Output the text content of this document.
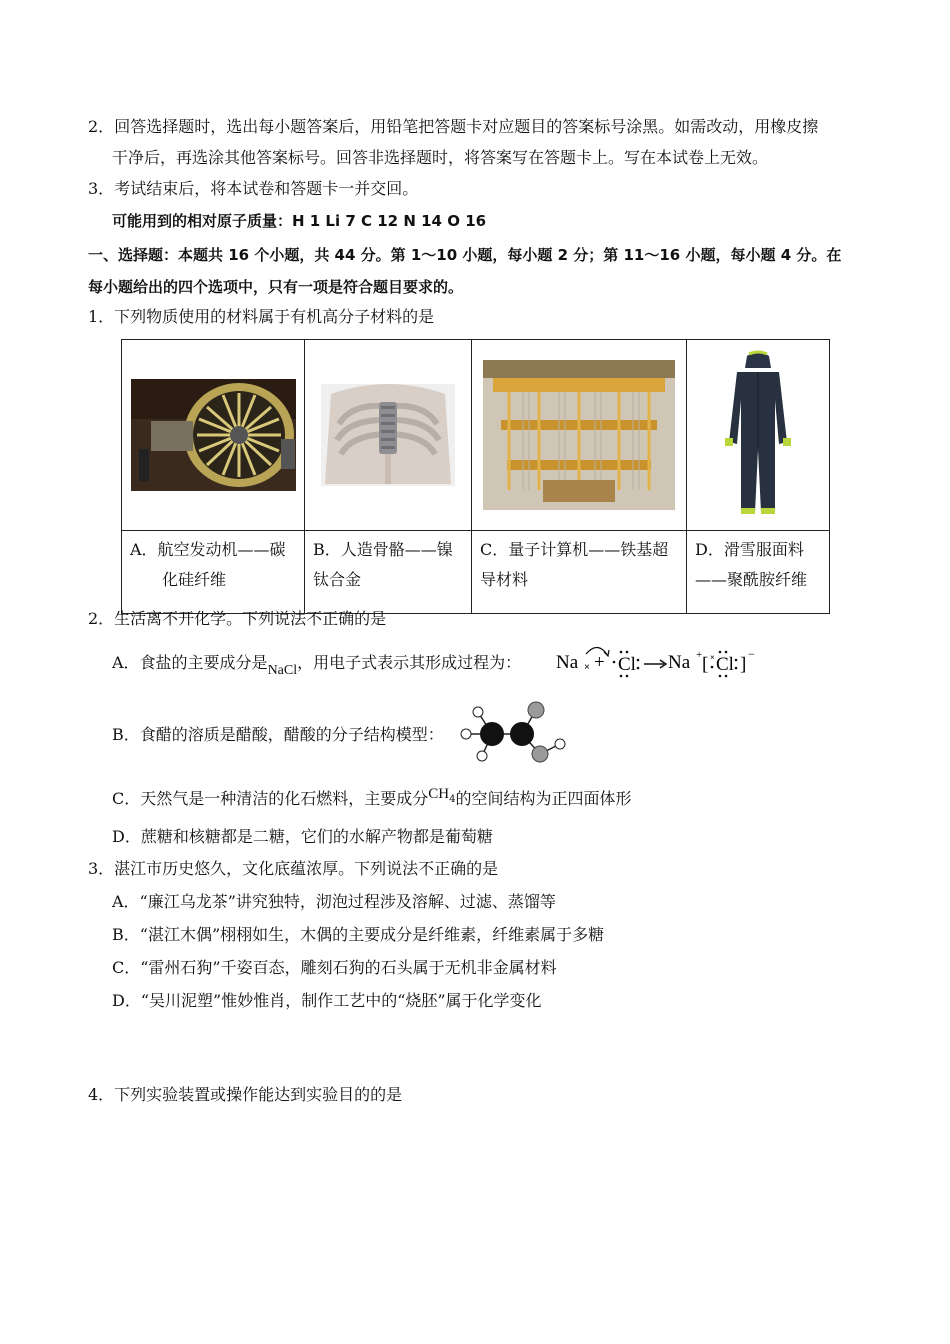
2．回答选择题时，选出每小题答案后，用铅笔把答题卡对应题目的答案标号涂黑。如需改动，用橡皮擦
干净后，再选涂其他答案标号。回答非选择题时，将答案写在答题卡上。写在本试卷上无效。
3．考试结束后，将本试卷和答题卡一并交回。
可能用到的相对原子质量：H 1 Li 7 C 12 N 14 O 16
一、选择题：本题共 16 个小题，共 44 分。第 1～10 小题，每小题 2 分；第 11～16 小题，每小题 4 分。在
每小题给出的四个选项中，只有一项是符合题目要求的。
1．下列物质使用的材料属于有机高分子材料的是

A．航空发动机——碳
化硅纤维	B．人造骨骼——镍
钛合金	C．量子计算机——铁基超
导材料	D．滑雪服面料
——聚酰胺纤维
2．生活离不开化学。下列说法不正确的是
A．食盐的主要成分是NaCl，用电子式表示其形成过程为： Na × + Cl Na + [ × Cl ] −
B．食醋的溶质是醋酸，醋酸的分子结构模型：
C．天然气是一种清洁的化石燃料，主要成分CH4的空间结构为正四面体形
D．蔗糖和核糖都是二糖，它们的水解产物都是葡萄糖
3．湛江市历史悠久，文化底蕴浓厚。下列说法不正确的是
A．“廉江乌龙茶”讲究独特，沏泡过程涉及溶解、过滤、蒸馏等
B．“湛江木偶”栩栩如生，木偶的主要成分是纤维素，纤维素属于多糖
C．“雷州石狗”千姿百态，雕刻石狗的石头属于无机非金属材料
D．“吴川泥塑”惟妙惟肖，制作工艺中的“烧胚”属于化学变化
4．下列实验装置或操作能达到实验目的的是
